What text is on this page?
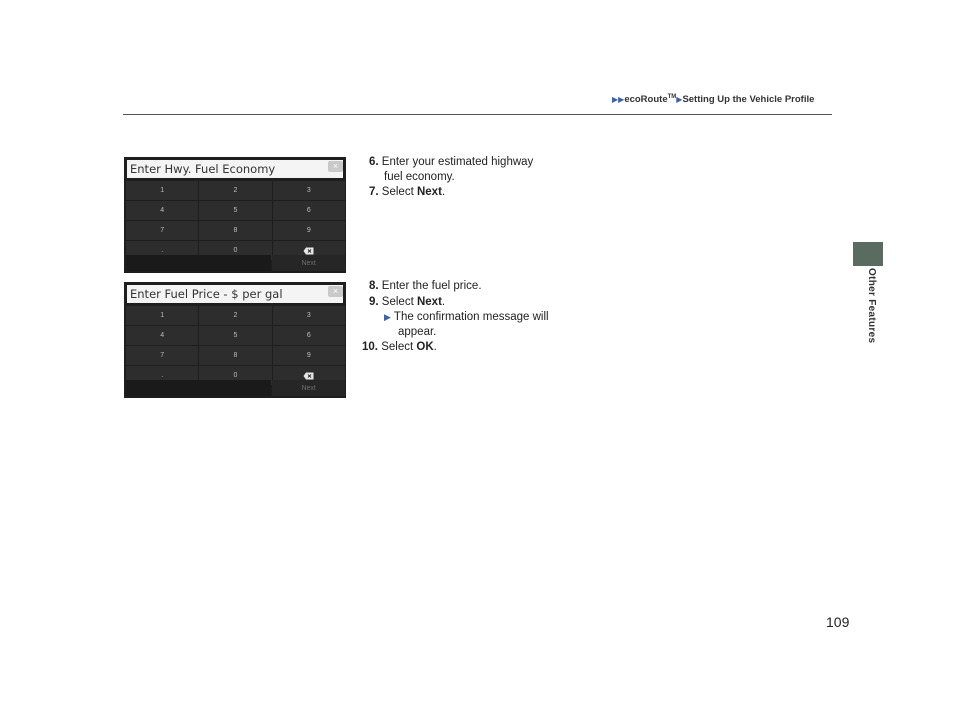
▶▶ecoRoute™▶Setting Up the Vehicle Profile
Other Features
Enter Hwy. Fuel Economy	×
1	2	3
4	5	6
7	8	9
.	0
Next
Enter Fuel Price - $ per gal	×
1	2	3
4	5	6
7	8	9
.	0
Next
6. Enter your estimated highway
fuel economy.
7. Select Next.
8. Enter the fuel price.
9. Select Next.
▶ The confirmation message will
appear.
10. Select OK.
109
